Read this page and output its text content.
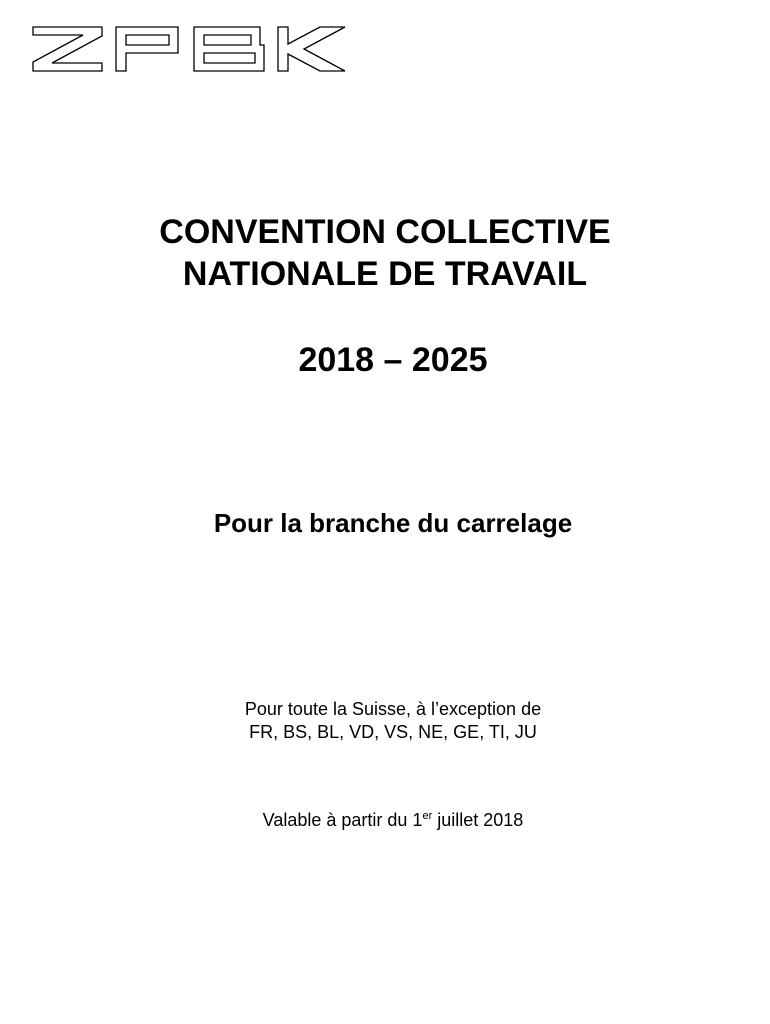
CONVENTION COLLECTIVE
NATIONALE DE TRAVAIL
2018 – 2025
Pour la branche du carrelage
Pour toute la Suisse, à l’exception de
FR, BS, BL, VD, VS, NE, GE, TI, JU
Valable à partir du 1er juillet 2018
